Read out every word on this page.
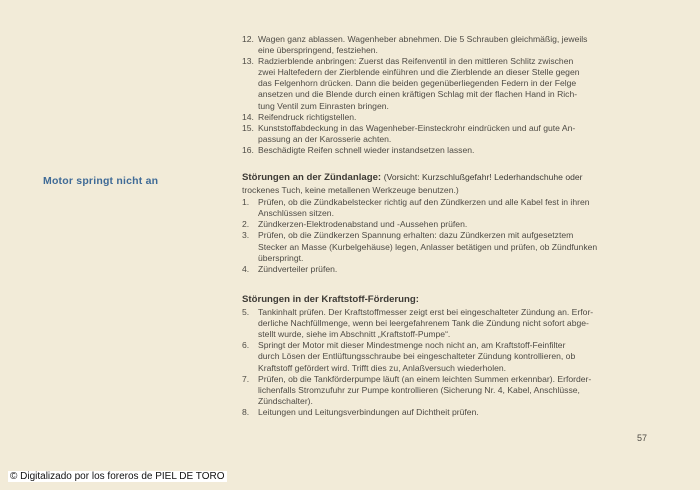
Motor springt nicht an
12. Wagen ganz ablassen. Wagenheber abnehmen. Die 5 Schrauben gleichmäßig, jeweils
eine überspringend, festziehen.
13. Radzierblende anbringen: Zuerst das Reifenventil in den mittleren Schlitz zwischen
zwei Haltefedern der Zierblende einführen und die Zierblende an dieser Stelle gegen
das Felgenhorn drücken. Dann die beiden gegenüberliegenden Federn in der Felge
ansetzen und die Blende durch einen kräftigen Schlag mit der flachen Hand in Rich-
tung Ventil zum Einrasten bringen.
14. Reifendruck richtigstellen.
15. Kunststoffabdeckung in das Wagenheber-Einsteckrohr eindrücken und auf gute An-
passung an der Karosserie achten.
16. Beschädigte Reifen schnell wieder instandsetzen lassen.
Störungen an der Zündanlage: (Vorsicht: Kurzschlußgefahr! Lederhandschuhe oder
trockenes Tuch, keine metallenen Werkzeuge benutzen.)
1.	Prüfen, ob die Zündkabelstecker richtig auf den Zündkerzen und alle Kabel fest in ihren
Anschlüssen sitzen.
2.	Zündkerzen-Elektrodenabstand und -Aussehen prüfen.
3.	Prüfen, ob die Zündkerzen Spannung erhalten: dazu Zündkerzen mit aufgesetztem
Stecker an Masse (Kurbelgehäuse) legen, Anlasser betätigen und prüfen, ob Zündfunken
überspringt.
4.	Zündverteiler prüfen.
Störungen in der Kraftstoff-Förderung:
5.	Tankinhalt prüfen. Der Kraftstoffmesser zeigt erst bei eingeschalteter Zündung an. Erfor-
derliche Nachfüllmenge, wenn bei leergefahrenem Tank die Zündung nicht sofort abge-
stellt wurde, siehe im Abschnitt „Kraftstoff-Pumpe“.
6.	Springt der Motor mit dieser Mindestmenge noch nicht an, am Kraftstoff-Feinfilter
durch Lösen der Entlüftungsschraube bei eingeschalteter Zündung kontrollieren, ob
Kraftstoff gefördert wird. Trifft dies zu, Anlaßversuch wiederholen.
7.	Prüfen, ob die Tankförderpumpe läuft (an einem leichten Summen erkennbar). Erforder-
lichenfalls Stromzufuhr zur Pumpe kontrollieren (Sicherung Nr. 4, Kabel, Anschlüsse,
Zündschalter).
8.	Leitungen und Leitungsverbindungen auf Dichtheit prüfen.
57
© Digitalizado por los foreros de PIEL DE TORO
